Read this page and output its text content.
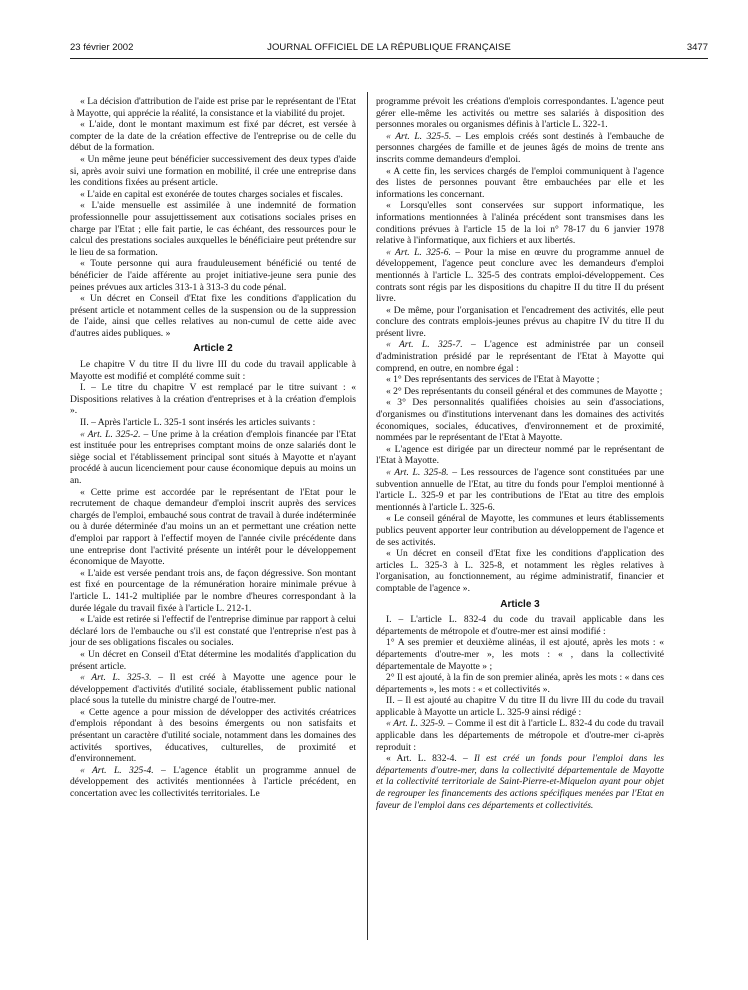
23 février 2002	JOURNAL OFFICIEL DE LA RÉPUBLIQUE FRANÇAISE	3477

« La décision d'attribution de l'aide est prise par le représentant de l'Etat à Mayotte, qui apprécie la réalité, la consistance et la viabilité du projet.

« L'aide, dont le montant maximum est fixé par décret, est versée à compter de la date de la création effective de l'entreprise ou de celle du début de la formation.

« Un même jeune peut bénéficier successivement des deux types d'aide si, après avoir suivi une formation en mobilité, il crée une entreprise dans les conditions fixées au présent article.

« L'aide en capital est exonérée de toutes charges sociales et fiscales.

« L'aide mensuelle est assimilée à une indemnité de formation professionnelle pour assujettissement aux cotisations sociales prises en charge par l'Etat ; elle fait partie, le cas échéant, des ressources pour le calcul des prestations sociales auxquelles le bénéficiaire peut prétendre sur le lieu de sa formation.

« Toute personne qui aura frauduleusement bénéficié ou tenté de bénéficier de l'aide afférente au projet initiative-jeune sera punie des peines prévues aux articles 313-1 à 313-3 du code pénal.

« Un décret en Conseil d'Etat fixe les conditions d'application du présent article et notamment celles de la suspension ou de la suppression de l'aide, ainsi que celles relatives au non-cumul de cette aide avec d'autres aides publiques. »

Article 2

Le chapitre V du titre II du livre III du code du travail applicable à Mayotte est modifié et complété comme suit :

I. – Le titre du chapitre V est remplacé par le titre suivant : « Dispositions relatives à la création d'entreprises et à la création d'emplois ».

II. – Après l'article L. 325-1 sont insérés les articles suivants :

« Art. L. 325-2. – Une prime à la création d'emplois financée par l'Etat est instituée pour les entreprises comptant moins de onze salariés dont le siège social et l'établissement principal sont situés à Mayotte et n'ayant procédé à aucun licenciement pour cause économique depuis au moins un an.

« Cette prime est accordée par le représentant de l'Etat pour le recrutement de chaque demandeur d'emploi inscrit auprès des services chargés de l'emploi, embauché sous contrat de travail à durée indéterminée ou à durée déterminée d'au moins un an et permettant une création nette d'emploi par rapport à l'effectif moyen de l'année civile précédente dans une entreprise dont l'activité présente un intérêt pour le développement économique de Mayotte.

« L'aide est versée pendant trois ans, de façon dégressive. Son montant est fixé en pourcentage de la rémunération horaire minimale prévue à l'article L. 141-2 multipliée par le nombre d'heures correspondant à la durée légale du travail fixée à l'article L. 212-1.

« L'aide est retirée si l'effectif de l'entreprise diminue par rapport à celui déclaré lors de l'embauche ou s'il est constaté que l'entreprise n'est pas à jour de ses obligations fiscales ou sociales.

« Un décret en Conseil d'Etat détermine les modalités d'application du présent article.

« Art. L. 325-3. – Il est créé à Mayotte une agence pour le développement d'activités d'utilité sociale, établissement public national placé sous la tutelle du ministre chargé de l'outre-mer.

« Cette agence a pour mission de développer des activités créatrices d'emplois répondant à des besoins émergents ou non satisfaits et présentant un caractère d'utilité sociale, notamment dans les domaines des activités sportives, éducatives, culturelles, de proximité et d'environnement.

« Art. L. 325-4. – L'agence établit un programme annuel de développement des activités mentionnées à l'article précédent, en concertation avec les collectivités territoriales. Le

programme prévoit les créations d'emplois correspondantes. L'agence peut gérer elle-même les activités ou mettre ses salariés à disposition des personnes morales ou organismes définis à l'article L. 322-1.

« Art. L. 325-5. – Les emplois créés sont destinés à l'embauche de personnes chargées de famille et de jeunes âgés de moins de trente ans inscrits comme demandeurs d'emploi.

« A cette fin, les services chargés de l'emploi communiquent à l'agence des listes de personnes pouvant être embauchées par elle et les informations les concernant.

« Lorsqu'elles sont conservées sur support informatique, les informations mentionnées à l'alinéa précédent sont transmises dans les conditions prévues à l'article 15 de la loi n° 78-17 du 6 janvier 1978 relative à l'informatique, aux fichiers et aux libertés.

« Art. L. 325-6. – Pour la mise en œuvre du programme annuel de développement, l'agence peut conclure avec les demandeurs d'emploi mentionnés à l'article L. 325-5 des contrats emploi-développement. Ces contrats sont régis par les dispositions du chapitre II du titre II du présent livre.

« De même, pour l'organisation et l'encadrement des activités, elle peut conclure des contrats emplois-jeunes prévus au chapitre IV du titre II du présent livre.

« Art. L. 325-7. – L'agence est administrée par un conseil d'administration présidé par le représentant de l'Etat à Mayotte qui comprend, en outre, en nombre égal :

« 1° Des représentants des services de l'Etat à Mayotte ;

« 2° Des représentants du conseil général et des communes de Mayotte ;

« 3° Des personnalités qualifiées choisies au sein d'associations, d'organismes ou d'institutions intervenant dans les domaines des activités économiques, sociales, éducatives, d'environnement et de proximité, nommées par le représentant de l'Etat à Mayotte.

« L'agence est dirigée par un directeur nommé par le représentant de l'Etat à Mayotte.

« Art. L. 325-8. – Les ressources de l'agence sont constituées par une subvention annuelle de l'Etat, au titre du fonds pour l'emploi mentionné à l'article L. 325-9 et par les contributions de l'Etat au titre des emplois mentionnés à l'article L. 325-6.

« Le conseil général de Mayotte, les communes et leurs établissements publics peuvent apporter leur contribution au développement de l'agence et de ses activités.

« Un décret en conseil d'Etat fixe les conditions d'application des articles L. 325-3 à L. 325-8, et notamment les règles relatives à l'organisation, au fonctionnement, au régime administratif, financier et comptable de l'agence ».

Article 3

I. – L'article L. 832-4 du code du travail applicable dans les départements de métropole et d'outre-mer est ainsi modifié :

1° A ses premier et deuxième alinéas, il est ajouté, après les mots : « départements d'outre-mer », les mots : « , dans la collectivité départementale de Mayotte » ;

2° Il est ajouté, à la fin de son premier alinéa, après les mots : « dans ces départements », les mots : « et collectivités ».

II. – Il est ajouté au chapitre V du titre II du livre III du code du travail applicable à Mayotte un article L. 325-9 ainsi rédigé :

« Art. L. 325-9. – Comme il est dit à l'article L. 832-4 du code du travail applicable dans les départements de métropole et d'outre-mer ci-après reproduit :

« Art. L. 832-4. – Il est créé un fonds pour l'emploi dans les départements d'outre-mer, dans la collectivité départementale de Mayotte et la collectivité territoriale de Saint-Pierre-et-Miquelon ayant pour objet de regrouper les financements des actions spécifiques menées par l'Etat en faveur de l'emploi dans ces départements et collectivités.
